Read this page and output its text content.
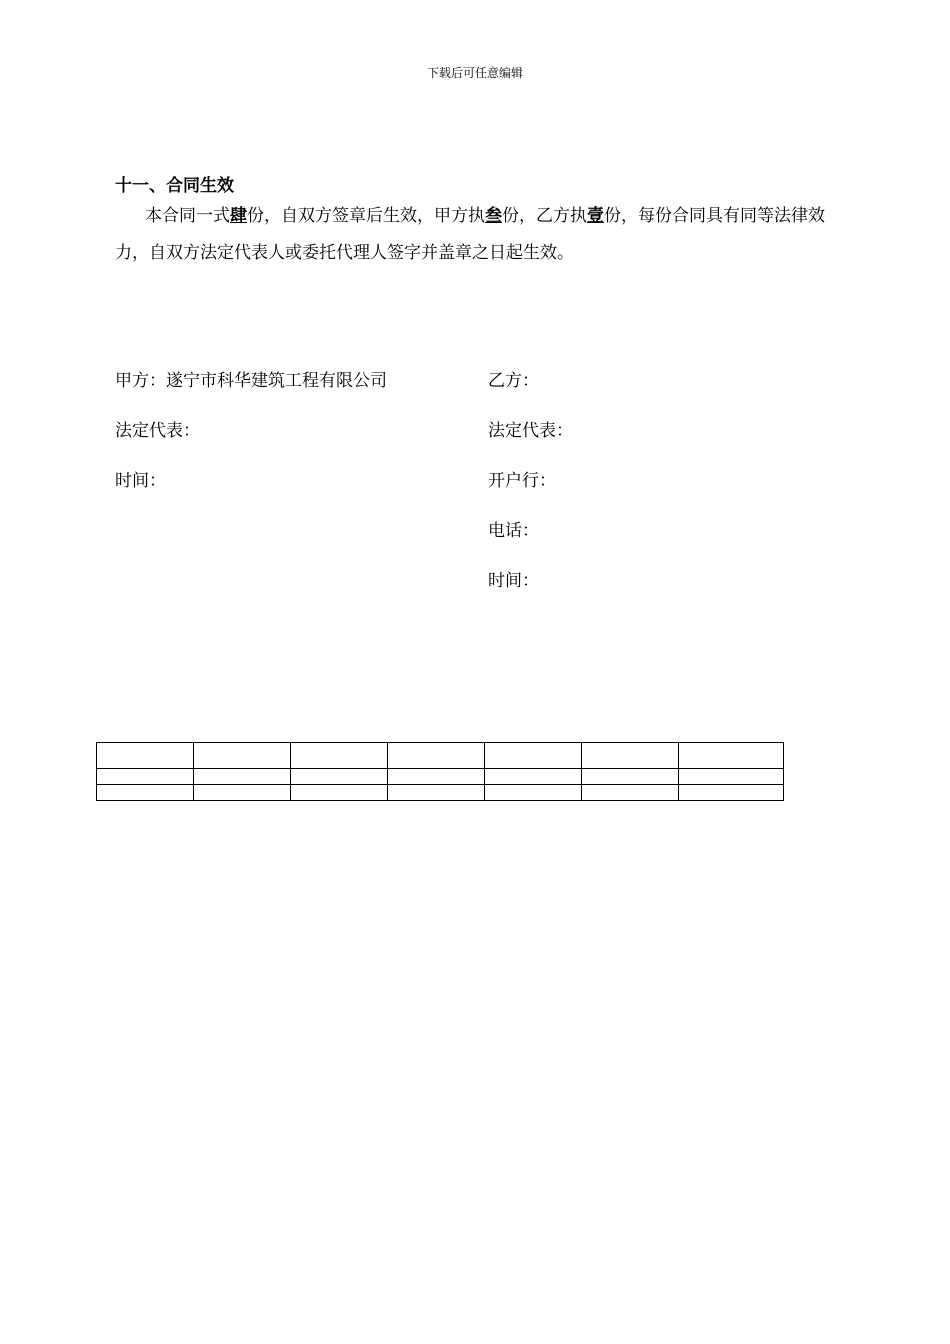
下载后可任意编辑
十一、合同生效
本合同一式肆份，自双方签章后生效，甲方执叁份，乙方执壹份，每份合同具有同等法律效力，自双方法定代表人或委托代理人签字并盖章之日起生效。
甲方：遂宁市科华建筑工程有限公司
法定代表：
时间：
乙方：
法定代表：
开户行：
电话：
时间：
